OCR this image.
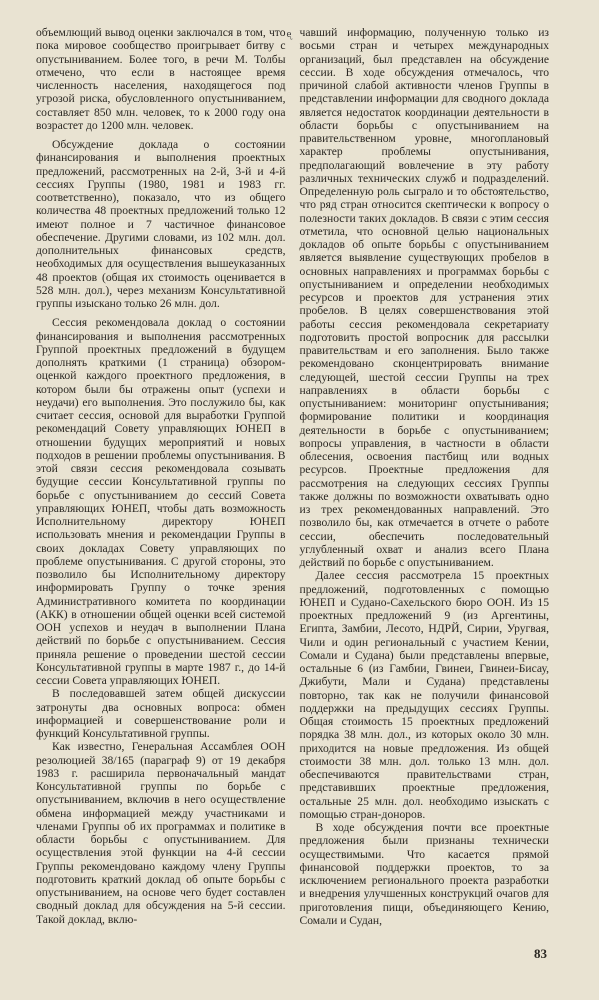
объемлющий вывод оценки заключался в том, что пока мировое сообщество проигрывает битву с опустыниванием. Более того, в речи М. Толбы отмечено, что если в настоящее время численность населения, находящегося под угрозой риска, обусловленного опустыниванием, составляет 850 млн. человек, то к 2000 году она возрастет до 1200 млн. человек.

Обсуждение доклада о состоянии финансирования и выполнения проектных предложений, рассмотренных на 2-й, 3-й и 4-й сессиях Группы (1980, 1981 и 1983 гг. соответственно), показало, что из общего количества 48 проектных предложений только 12 имеют полное и 7 частичное финансовое обеспечение. Другими словами, из 102 млн. дол. дополнительных финансовых средств, необходимых для осуществления вышеуказанных 48 проектов (общая их стоимость оценивается в 528 млн. дол.), через механизм Консультативной группы изыскано только 26 млн. дол.

Сессия рекомендовала доклад о состоянии финансирования и выполнения рассмотренных Группой проектных предложений в будущем дополнять краткими (1 страница) обзором-оценкой каждого проектного предложения, в котором были бы отражены опыт (успехи и неудачи) его выполнения. Это послужило бы, как считает сессия, основой для выработки Группой рекомендаций Совету управляющих ЮНЕП в отношении будущих мероприятий и новых подходов в решении проблемы опустынивания. В этой связи сессия рекомендовала созывать будущие сессии Консультативной группы по борьбе с опустыниванием до сессий Совета управляющих ЮНЕП, чтобы дать возможность Исполнительному директору ЮНЕП использовать мнения и рекомендации Группы в своих докладах Совету управляющих по проблеме опустынивания. С другой стороны, это позволило бы Исполнительному директору информировать Группу о точке зрения Административного комитета по координации (АКК) в отношении общей оценки всей системой ООН успехов и неудач в выполнении Плана действий по борьбе с опустыниванием. Сессия приняла решение о проведении шестой сессии Консультативной группы в марте 1987 г., до 14-й сессии Совета управляющих ЮНЕП.

В последовавшей затем общей дискуссии затронуты два основных вопроса: обмен информацией и совершенствование роли и функций Консультативной группы.

Как известно, Генеральная Ассамблея ООН резолюцией 38/165 (параграф 9) от 19 декабря 1983 г. расширила первоначальный мандат Консультативной группы по борьбе с опустыниванием, включив в него осуществление обмена информацией между участниками и членами Группы об их программах и политике в области борьбы с опустыниванием. Для осуществления этой функции на 4-й сессии Группы рекомендовано каждому члену Группы подготовить краткий доклад об опыте борьбы с опустыниванием, на основе чего будет составлен сводный доклад для обсуждения на 5-й сессии. Такой доклад, вклю-

ᶒ чавший информацию, полученную только из восьми стран и четырех международных организаций, был представлен на обсуждение сессии. В ходе обсуждения отмечалось, что причиной слабой активности членов Группы в представлении информации для сводного доклада является недостаток координации деятельности в области борьбы с опустыниванием на правительственном уровне, многоплановый характер проблемы опустынивания, предполагающий вовлечение в эту работу различных технических служб и подразделений. Определенную роль сыграло и то обстоятельство, что ряд стран относится скептически к вопросу о полезности таких докладов. В связи с этим сессия отметила, что основной целью национальных докладов об опыте борьбы с опустыниванием является выявление существующих пробелов в основных направлениях и программах борьбы с опустыниванием и определении необходимых ресурсов и проектов для устранения этих пробелов. В целях совершенствования этой работы сессия рекомендовала секретариату подготовить простой вопросник для рассылки правительствам и его заполнения. Было также рекомендовано сконцентрировать внимание следующей, шестой сессии Группы на трех направлениях в области борьбы с опустыниванием: мониторинг опустынивания; формирование политики и координация деятельности в борьбе с опустыниванием; вопросы управления, в частности в области облесения, освоения пастбищ или водных ресурсов. Проектные предложения для рассмотрения на следующих сессиях Группы также должны по возможности охватывать одно из трех рекомендованных направлений. Это позволило бы, как отмечается в отчете о работе сессии, обеспечить последовательный углубленный охват и анализ всего Плана действий по борьбе с опустыниванием.

Далее сессия рассмотрела 15 проектных предложений, подготовленных с помощью ЮНЕП и Судано-Сахельского бюро ООН. Из 15 проектных предложений 9 (из Аргентины, Египта, Замбии, Лесото, НДРЙ, Сирии, Уругвая, Чили и один региональный с участием Кении, Сомали и Судана) были представлены впервые, остальные 6 (из Гамбии, Гвинеи, Гвинеи-Бисау, Джибути, Мали и Судана) представлены повторно, так как не получили финансовой поддержки на предыдущих сессиях Группы. Общая стоимость 15 проектных предложений порядка 38 млн. дол., из которых около 30 млн. приходится на новые предложения. Из общей стоимости 38 млн. дол. только 13 млн. дол. обеспечиваются правительствами стран, представивших проектные предложения, остальные 25 млн. дол. необходимо изыскать с помощью стран-доноров.

В ходе обсуждения почти все проектные предложения были признаны технически осуществимыми. Что касается прямой финансовой поддержки проектов, то за исключением регионального проекта разработки и внедрения улучшенных конструкций очагов для приготовления пищи, объединяющего Кению, Сомали и Судан,

83
